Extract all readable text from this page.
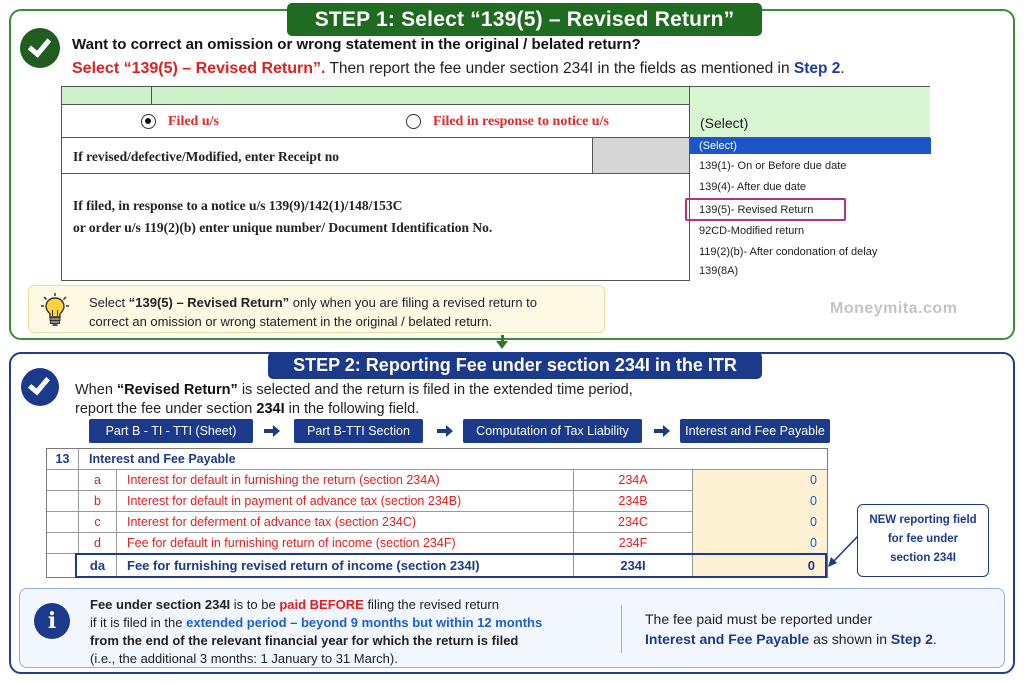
STEP 1: Select “139(5) – Revised Return”
Want to correct an omission or wrong statement in the original / belated return?
Select “139(5) – Revised Return”. Then report the fee under section 234I in the fields as mentioned in Step 2.
(Select)
Filed u/s	Filed in response to notice u/s
If revised/defective/Modified, enter Receipt no
If filed, in response to a notice u/s 139(9)/142(1)/148/153C
or order u/s 119(2)(b) enter unique number/ Document Identification No.
(Select)
139(1)- On or Before due date
139(4)- After due date
139(5)- Revised Return
92CD-Modified return
119(2)(b)- After condonation of delay
139(8A)
Select “139(5) – Revised Return” only when you are filing a revised return to
correct an omission or wrong statement in the original / belated return.
Moneymita.com
STEP 2: Reporting Fee under section 234I in the ITR
When “Revised Return” is selected and the return is filed in the extended time period,
report the fee under section 234I in the following field.
Part B - TI - TTI (Sheet)	Part B-TTI Section	Computation of Tax Liability	Interest and Fee Payable
13	Interest and Fee Payable
a	Interest for default in furnishing the return (section 234A)	234A	0
b	Interest for default in payment of advance tax (section 234B)	234B	0
c	Interest for deferment of advance tax (section 234C)	234C	0
d	Fee for default in furnishing return of income (section 234F)	234F	0
da	Fee for furnishing revised return of income (section 234I)	234I	0
NEW reporting field
for fee under
section 234I
i
Fee under section 234I is to be paid BEFORE filing the revised return
if it is filed in the extended period – beyond 9 months but within 12 months
from the end of the relevant financial year for which the return is filed
(i.e., the additional 3 months: 1 January to 31 March).
The fee paid must be reported under
Interest and Fee Payable as shown in Step 2.
